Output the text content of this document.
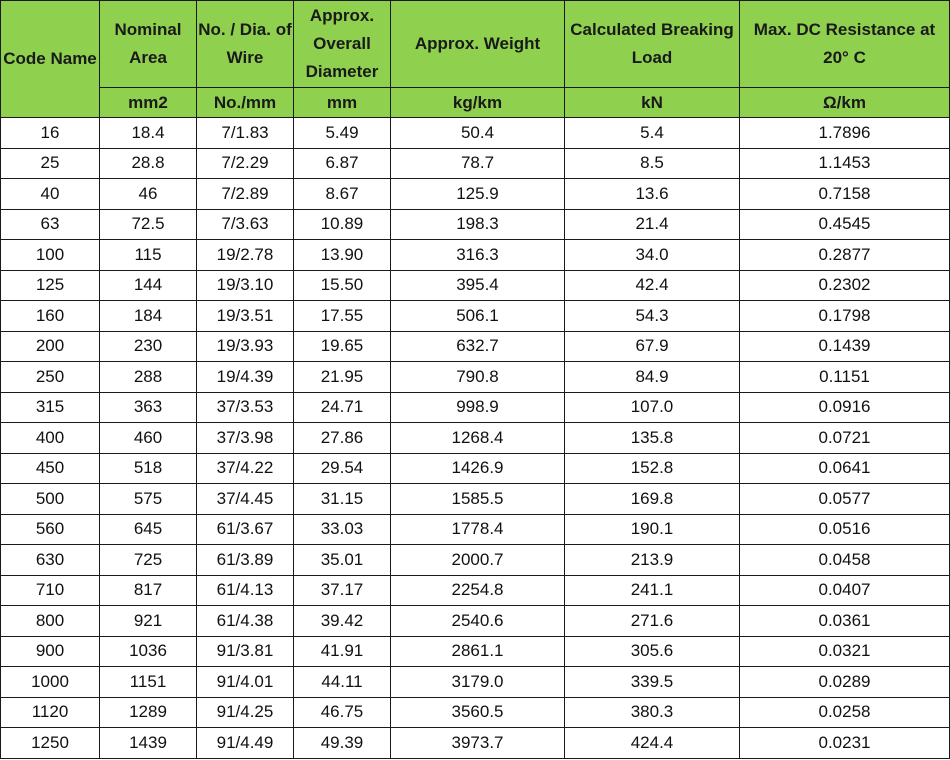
Code Name	Nominal Area	No. / Dia. of Wire	Approx. Overall Diameter	Approx. Weight	Calculated Breaking Load	Max. DC Resistance at 20° C
	mm2	No./mm	mm	kg/km	kN	Ω/km
16	18.4	7/1.83	5.49	50.4	5.4	1.7896
25	28.8	7/2.29	6.87	78.7	8.5	1.1453
40	46	7/2.89	8.67	125.9	13.6	0.7158
63	72.5	7/3.63	10.89	198.3	21.4	0.4545
100	115	19/2.78	13.90	316.3	34.0	0.2877
125	144	19/3.10	15.50	395.4	42.4	0.2302
160	184	19/3.51	17.55	506.1	54.3	0.1798
200	230	19/3.93	19.65	632.7	67.9	0.1439
250	288	19/4.39	21.95	790.8	84.9	0.1151
315	363	37/3.53	24.71	998.9	107.0	0.0916
400	460	37/3.98	27.86	1268.4	135.8	0.0721
450	518	37/4.22	29.54	1426.9	152.8	0.0641
500	575	37/4.45	31.15	1585.5	169.8	0.0577
560	645	61/3.67	33.03	1778.4	190.1	0.0516
630	725	61/3.89	35.01	2000.7	213.9	0.0458
710	817	61/4.13	37.17	2254.8	241.1	0.0407
800	921	61/4.38	39.42	2540.6	271.6	0.0361
900	1036	91/3.81	41.91	2861.1	305.6	0.0321
1000	1151	91/4.01	44.11	3179.0	339.5	0.0289
1120	1289	91/4.25	46.75	3560.5	380.3	0.0258
1250	1439	91/4.49	49.39	3973.7	424.4	0.0231
